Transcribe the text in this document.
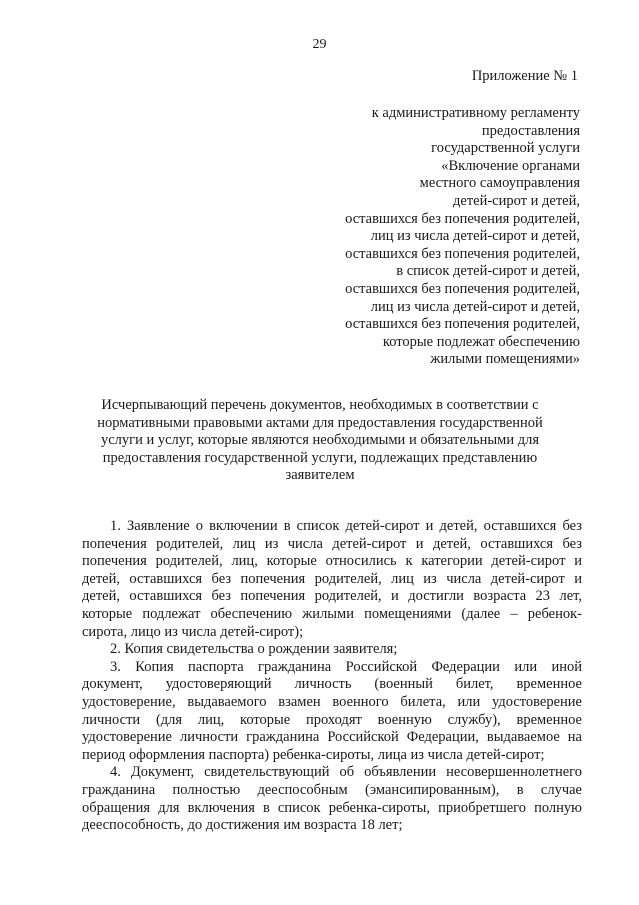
29
Приложение № 1
к административному регламенту
предоставления
государственной услуги
«Включение органами
местного самоуправления
детей-сирот и детей,
оставшихся без попечения родителей,
лиц из числа детей-сирот и детей,
оставшихся без попечения родителей,
в список детей-сирот и детей,
оставшихся без попечения родителей,
лиц из числа детей-сирот и детей,
оставшихся без попечения родителей,
которые подлежат обеспечению
жилыми помещениями»
Исчерпывающий перечень документов, необходимых в соответствии с
нормативными правовыми актами для предоставления государственной
услуги и услуг, которые являются необходимыми и обязательными для
предоставления государственной услуги, подлежащих представлению
заявителем
1. Заявление о включении в список детей-сирот и детей, оставшихся без
попечения родителей, лиц из числа детей-сирот и детей, оставшихся без
попечения родителей, лиц, которые относились к категории детей-сирот и
детей, оставшихся без попечения родителей, лиц из числа детей-сирот и
детей, оставшихся без попечения родителей, и достигли возраста 23 лет,
которые подлежат обеспечению жилыми помещениями (далее – ребенок-
сирота, лицо из числа детей-сирот);
2. Копия свидетельства о рождении заявителя;
3. Копия паспорта гражданина Российской Федерации или иной
документ, удостоверяющий личность (военный билет, временное
удостоверение, выдаваемого взамен военного билета, или удостоверение
личности (для лиц, которые проходят военную службу), временное
удостоверение личности гражданина Российской Федерации, выдаваемое на
период оформления паспорта) ребенка-сироты, лица из числа детей-сирот;
4. Документ, свидетельствующий об объявлении несовершеннолетнего
гражданина полностью дееспособным (эмансипированным), в случае
обращения для включения в список ребенка-сироты, приобретшего полную
дееспособность, до достижения им возраста 18 лет;
